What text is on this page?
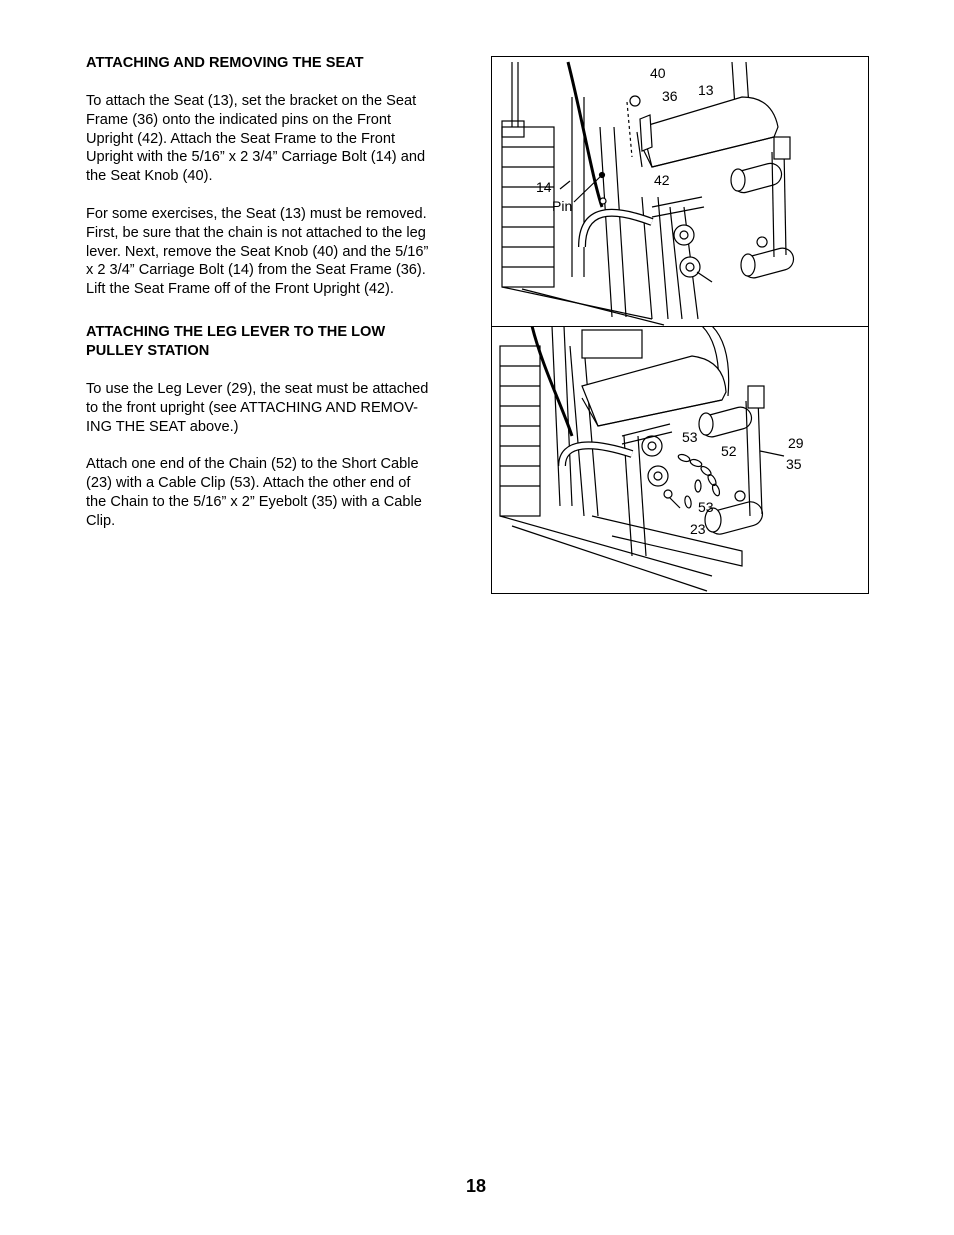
ATTACHING AND REMOVING THE SEAT
To attach the Seat (13), set the bracket on the Seat
Frame (36) onto the indicated pins on the Front
Upright (42). Attach the Seat Frame to the Front
Upright with the 5/16” x 2 3/4” Carriage Bolt (14) and
the Seat Knob (40).
For some exercises, the Seat (13) must be removed.
First, be sure that the chain is not attached to the leg
lever. Next, remove the Seat Knob (40) and the 5/16”
x 2 3/4” Carriage Bolt (14) from the Seat Frame (36).
Lift the Seat Frame off of the Front Upright (42).
ATTACHING THE LEG LEVER TO THE LOW
PULLEY STATION
To use the Leg Lever (29), the seat must be attached
to the front upright (see ATTACHING AND REMOV-
ING THE SEAT above.)
Attach one end of the Chain (52) to the Short Cable
(23) with a Cable Clip (53). Attach the other end of
the Chain to the 5/16” x 2” Eyebolt (35) with a Cable
Clip.
40
36 13
14	42
Pin
53
52	29
35
53
23
18
